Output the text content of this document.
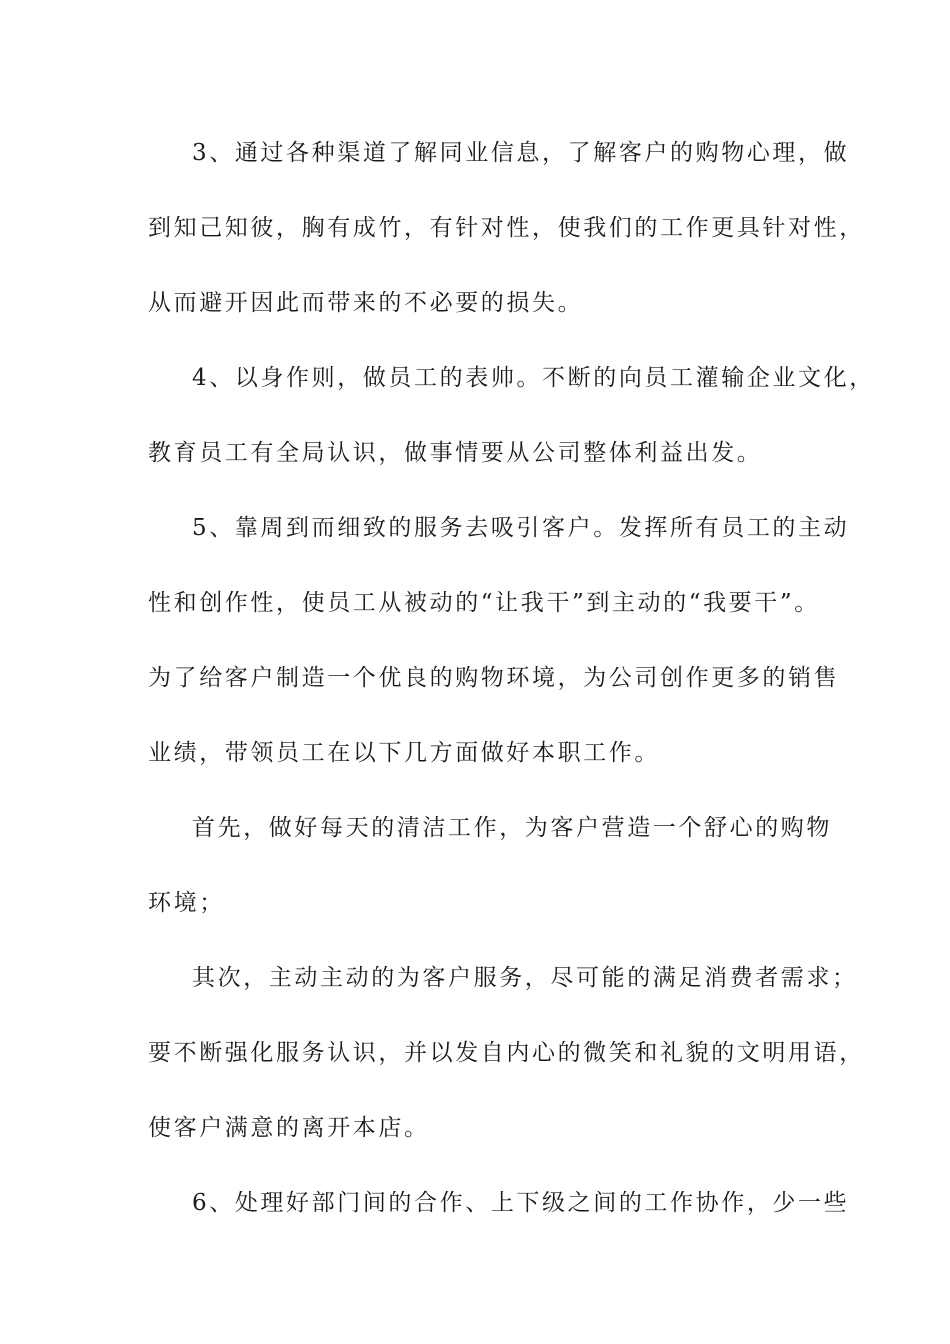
3、通过各种渠道了解同业信息，了解客户的购物心理，做
到知己知彼，胸有成竹，有针对性，使我们的工作更具针对性，
从而避开因此而带来的不必要的损失。
4、以身作则，做员工的表帅。不断的向员工灌输企业文化，
教育员工有全局认识，做事情要从公司整体利益出发。
5、靠周到而细致的服务去吸引客户。发挥所有员工的主动
性和创作性，使员工从被动的“让我干”到主动的“我要干”。
为了给客户制造一个优良的购物环境，为公司创作更多的销售
业绩，带领员工在以下几方面做好本职工作。
首先，做好每天的清洁工作，为客户营造一个舒心的购物
环境；
其次，主动主动的为客户服务，尽可能的满足消费者需求；
要不断强化服务认识，并以发自内心的微笑和礼貌的文明用语，
使客户满意的离开本店。
6、处理好部门间的合作、上下级之间的工作协作，少一些
